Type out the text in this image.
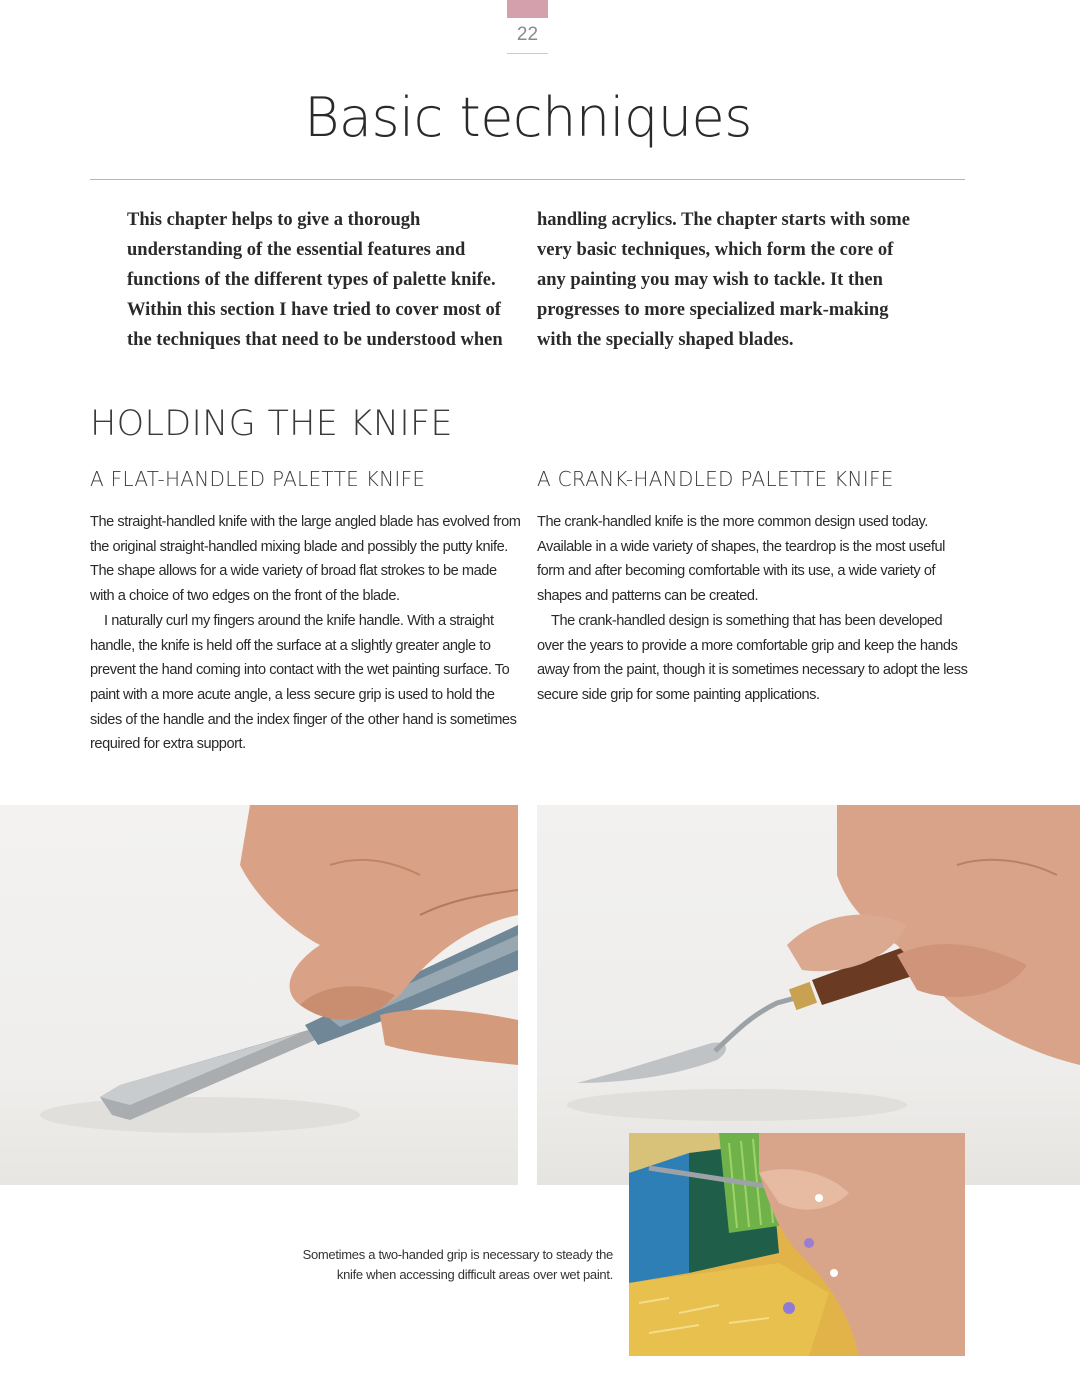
22
Basic techniques
This chapter helps to give a thorough understanding of the essential features and functions of the different types of palette knife. Within this section I have tried to cover most of the techniques that need to be understood when
handling acrylics. The chapter starts with some very basic techniques, which form the core of any painting you may wish to tackle. It then progresses to more specialized mark-making with the specially shaped blades.
HOLDING THE KNIFE
A FLAT-HANDLED PALETTE KNIFE	A CRANK-HANDLED PALETTE KNIFE

The straight-handled knife with the large angled blade has evolved from the original straight-handled mixing blade and possibly the putty knife. The shape allows for a wide variety of broad flat strokes to be made with a choice of two edges on the front of the blade.

I naturally curl my fingers around the knife handle. With a straight handle, the knife is held off the surface at a slightly greater angle to prevent the hand coming into contact with the wet painting surface. To paint with a more acute angle, a less secure grip is used to hold the sides of the handle and the index finger of the other hand is sometimes required for extra support.

The crank-handled knife is the more common design used today. Available in a wide variety of shapes, the teardrop is the most useful form and after becoming comfortable with its use, a wide variety of shapes and patterns can be created.

The crank-handled design is something that has been developed over the years to provide a more comfortable grip and keep the hands away from the paint, though it is sometimes necessary to adopt the less secure side grip for some painting applications.

Sometimes a two-handed grip is necessary to steady the knife when accessing difficult areas over wet paint.
